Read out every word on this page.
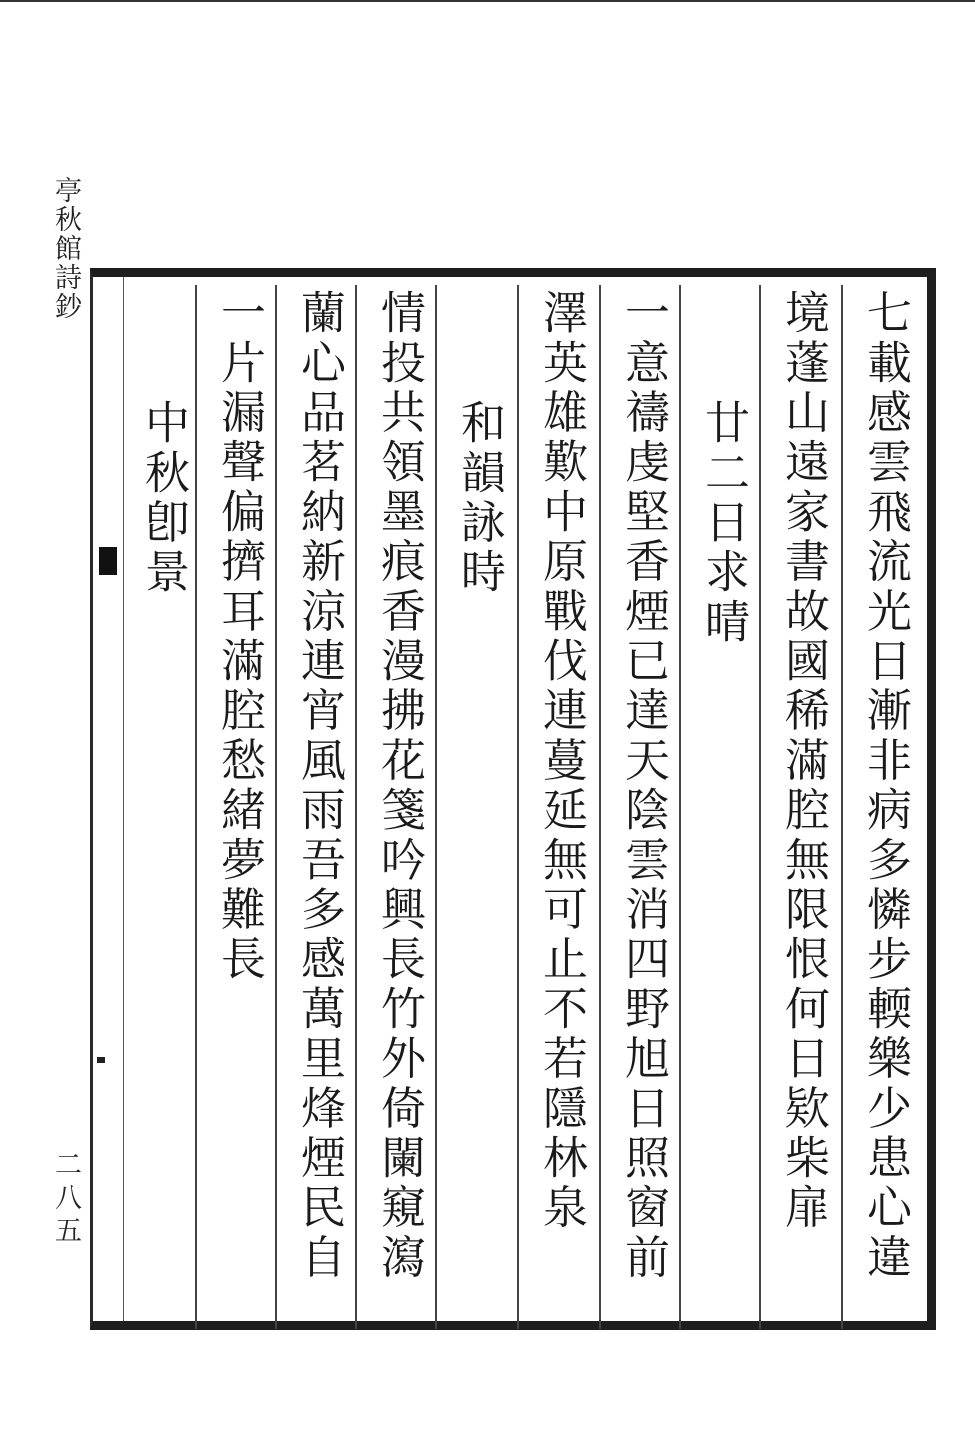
亭秋館詩鈔
二八五
七載感雲飛流光日漸非病多憐步輭樂少患心違
境蓬山遠家書故國稀滿腔無限恨何日欵柴扉
廿二日求晴
一意禱虔堅香煙已達天陰雲消四野旭日照窗前
澤英雄歎中原戰伐連蔓延無可止不若隱林泉
和韻詠時
情投共領墨痕香漫拂花箋吟興長竹外倚闌窺瀉
蘭心品茗納新涼連宵風雨吾多感萬里烽煙民自
一片漏聲偏擠耳滿腔愁緒夢難長
中秋卽景
